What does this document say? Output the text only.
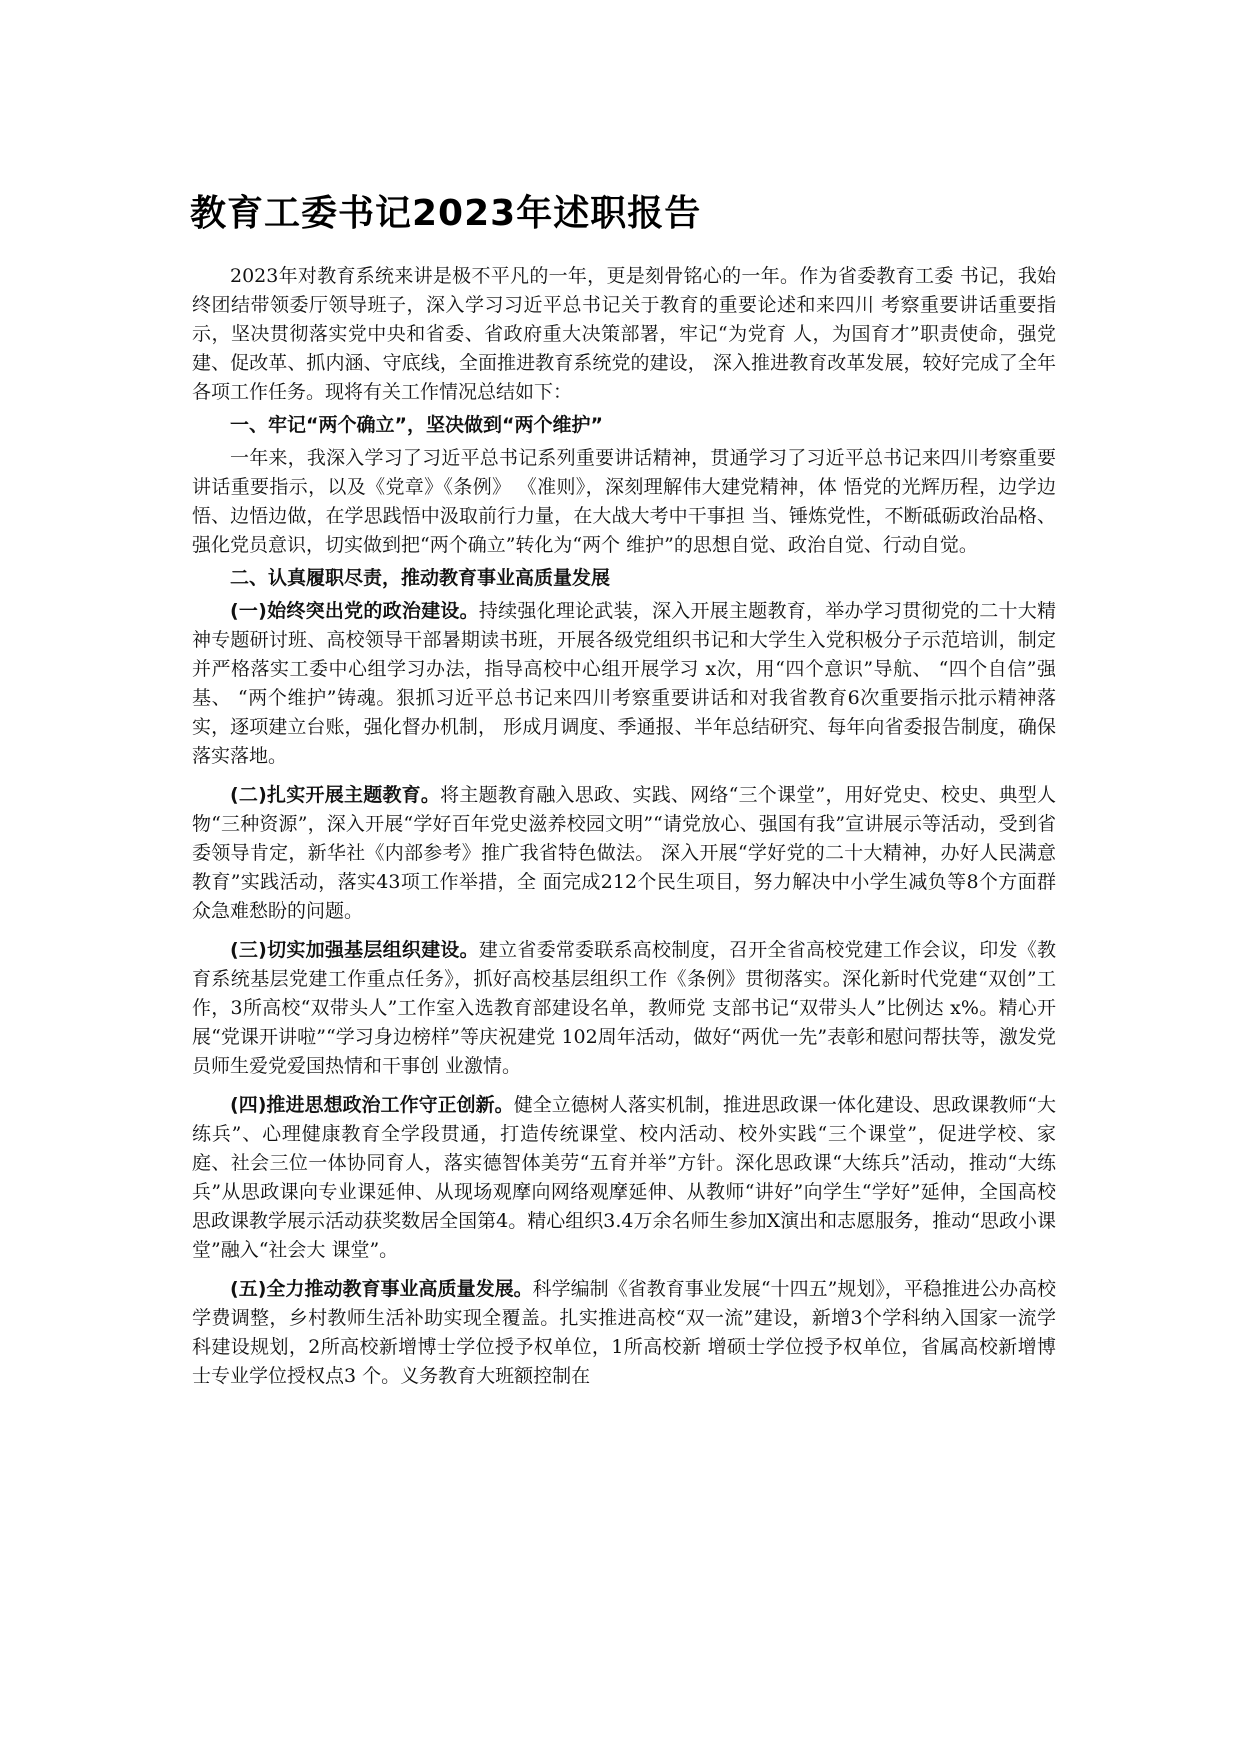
教育工委书记2023年述职报告

2023年对教育系统来讲是极不平凡的一年，更是刻骨铭心的一年。作为省委教育工委 书记，我始终团结带领委厅领导班子，深入学习习近平总书记关于教育的重要论述和来四川 考察重要讲话重要指示，坚决贯彻落实党中央和省委、省政府重大决策部署，牢记“为党育 人，为国育才”职责使命，强党建、促改革、抓内涵、守底线，全面推进教育系统党的建设， 深入推进教育改革发展，较好完成了全年各项工作任务。现将有关工作情况总结如下：

一、牢记“两个确立”，坚决做到“两个维护”

一年来，我深入学习了习近平总书记系列重要讲话精神，贯通学习了习近平总书记来四川考察重要讲话重要指示，以及《党章》《条例》 《准则》，深刻理解伟大建党精神，体 悟党的光辉历程，边学边悟、边悟边做，在学思践悟中汲取前行力量，在大战大考中干事担 当、锤炼党性，不断砥砺政治品格、强化党员意识，切实做到把“两个确立”转化为“两个 维护”的思想自觉、政治自觉、行动自觉。

二、认真履职尽责，推动教育事业高质量发展

(一)始终突出党的政治建设。持续强化理论武装，深入开展主题教育，举办学习贯彻党的二十大精神专题研讨班、高校领导干部暑期读书班，开展各级党组织书记和大学生入党积极分子示范培训，制定并严格落实工委中心组学习办法，指导高校中心组开展学习 x次，用“四个意识”导航、 “四个自信”强基、 “两个维护”铸魂。狠抓习近平总书记来四川考察重要讲话和对我省教育6次重要指示批示精神落实，逐项建立台账，强化督办机制， 形成月调度、季通报、半年总结研究、每年向省委报告制度，确保落实落地。

(二)扎实开展主题教育。将主题教育融入思政、实践、网络“三个课堂”，用好党史、校史、典型人物“三种资源”，深入开展“学好百年党史滋养校园文明”“请党放心、强国有我”宣讲展示等活动，受到省委领导肯定，新华社《内部参考》推广我省特色做法。 深入开展“学好党的二十大精神，办好人民满意教育”实践活动，落实43项工作举措，全 面完成212个民生项目，努力解决中小学生减负等8个方面群众急难愁盼的问题。

(三)切实加强基层组织建设。建立省委常委联系高校制度，召开全省高校党建工作会议，印发《教育系统基层党建工作重点任务》，抓好高校基层组织工作《条例》贯彻落实。深化新时代党建“双创”工作，3所高校“双带头人”工作室入选教育部建设名单，教师党 支部书记“双带头人”比例达 x%。精心开展“党课开讲啦”“学习身边榜样”等庆祝建党 102周年活动，做好“两优一先”表彰和慰问帮扶等，激发党员师生爱党爱国热情和干事创 业激情。

(四)推进思想政治工作守正创新。健全立德树人落实机制，推进思政课一体化建设、思政课教师“大练兵”、心理健康教育全学段贯通，打造传统课堂、校内活动、校外实践“三个课堂”，促进学校、家庭、社会三位一体协同育人，落实德智体美劳“五育并举”方针。深化思政课“大练兵”活动，推动“大练兵”从思政课向专业课延伸、从现场观摩向网络观摩延伸、从教师“讲好”向学生“学好”延伸，全国高校思政课教学展示活动获奖数居全国第4。精心组织3.4万余名师生参加X演出和志愿服务，推动“思政小课堂”融入“社会大 课堂”。

(五)全力推动教育事业高质量发展。科学编制《省教育事业发展“十四五”规划》，平稳推进公办高校学费调整，乡村教师生活补助实现全覆盖。扎实推进高校“双一流”建设，新增3个学科纳入国家一流学科建设规划，2所高校新增博士学位授予权单位，1所高校新 增硕士学位授予权单位，省属高校新增博士专业学位授权点3 个。义务教育大班额控制在
